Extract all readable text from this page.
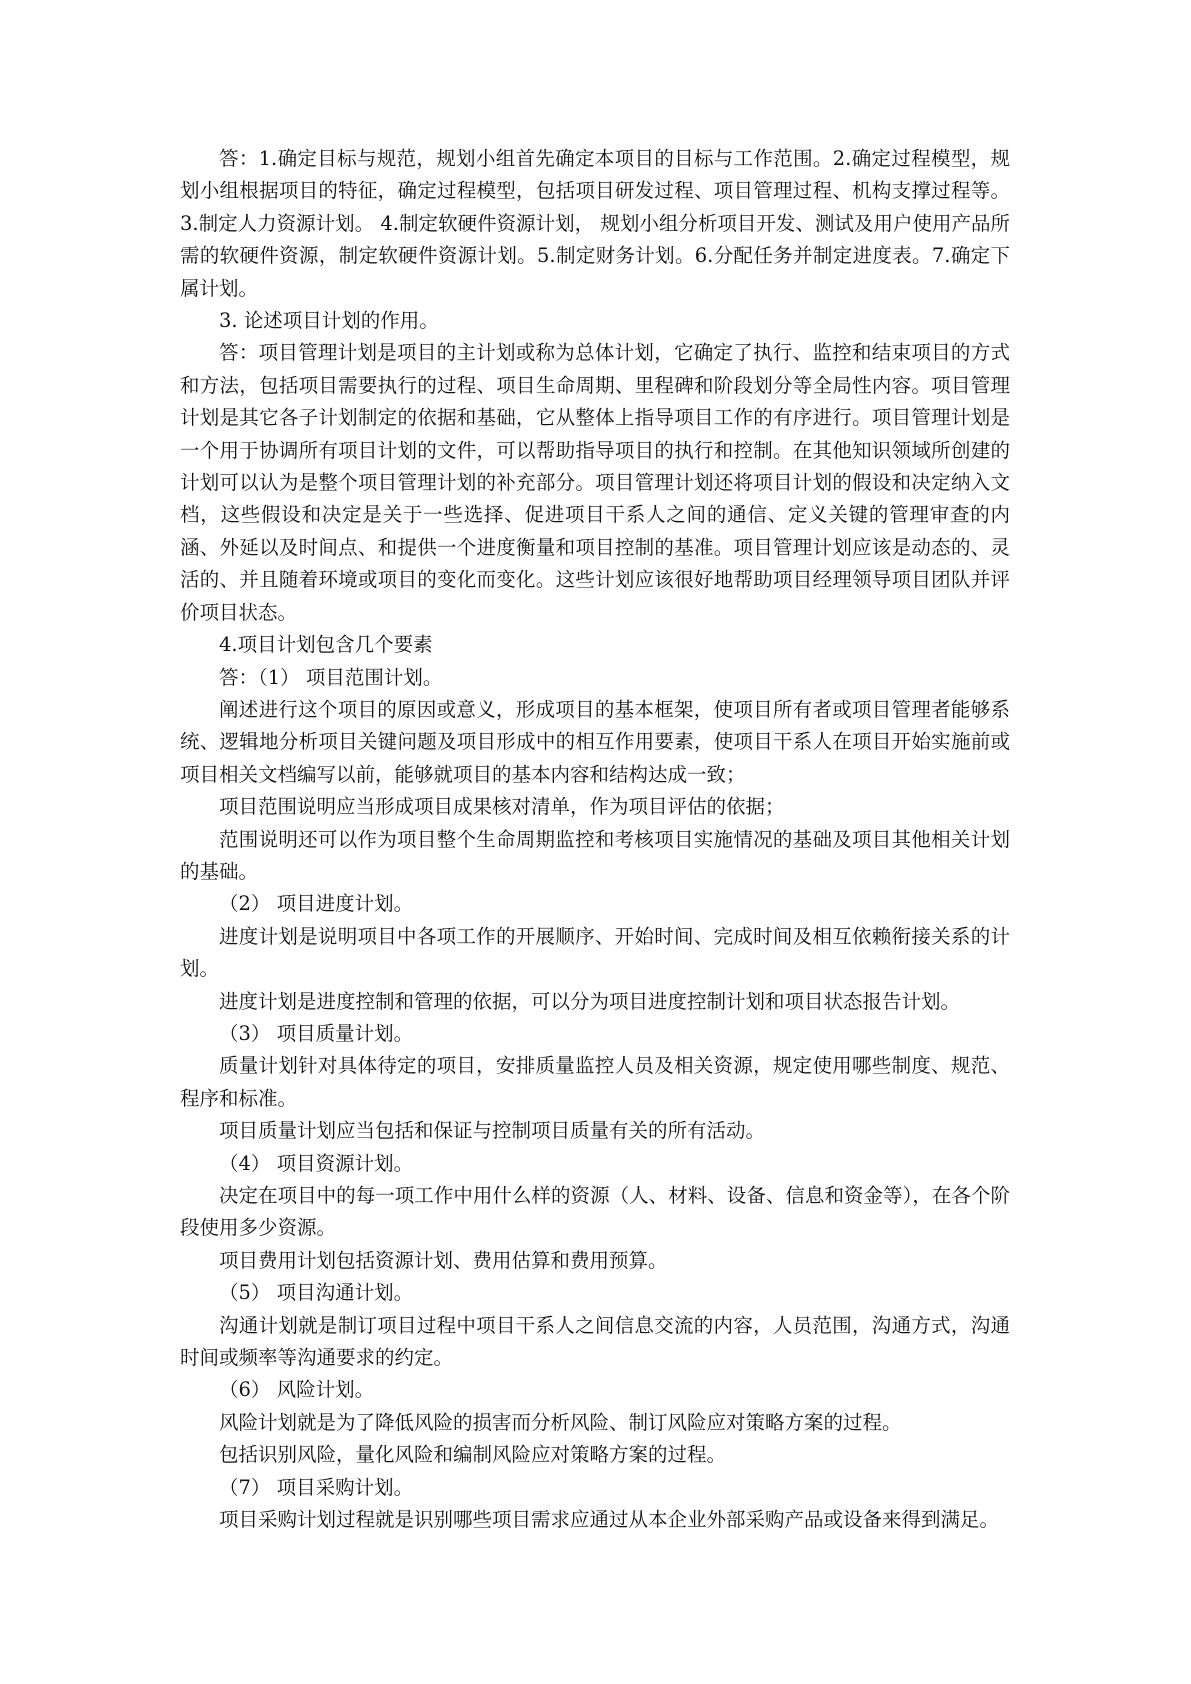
答：1.确定目标与规范，规划小组首先确定本项目的目标与工作范围。2.确定过程模型，规划小组根据项目的特征，确定过程模型，包括项目研发过程、项目管理过程、机构支撑过程等。3.制定人力资源计划。 4.制定软硬件资源计划， 规划小组分析项目开发、测试及用户使用产品所需的软硬件资源，制定软硬件资源计划。5.制定财务计划。6.分配任务并制定进度表。7.确定下属计划。

3. 论述项目计划的作用。

答：项目管理计划是项目的主计划或称为总体计划，它确定了执行、监控和结束项目的方式和方法，包括项目需要执行的过程、项目生命周期、里程碑和阶段划分等全局性内容。项目管理计划是其它各子计划制定的依据和基础，它从整体上指导项目工作的有序进行。项目管理计划是一个用于协调所有项目计划的文件，可以帮助指导项目的执行和控制。在其他知识领域所创建的计划可以认为是整个项目管理计划的补充部分。项目管理计划还将项目计划的假设和决定纳入文档，这些假设和决定是关于一些选择、促进项目干系人之间的通信、定义关键的管理审查的内涵、外延以及时间点、和提供一个进度衡量和项目控制的基准。项目管理计划应该是动态的、灵活的、并且随着环境或项目的变化而变化。这些计划应该很好地帮助项目经理领导项目团队并评价项目状态。

4.项目计划包含几个要素

答：（1） 项目范围计划。

阐述进行这个项目的原因或意义，形成项目的基本框架，使项目所有者或项目管理者能够系统、逻辑地分析项目关键问题及项目形成中的相互作用要素，使项目干系人在项目开始实施前或项目相关文档编写以前，能够就项目的基本内容和结构达成一致；

项目范围说明应当形成项目成果核对清单，作为项目评估的依据；

范围说明还可以作为项目整个生命周期监控和考核项目实施情况的基础及项目其他相关计划的基础。

（2） 项目进度计划。

进度计划是说明项目中各项工作的开展顺序、开始时间、完成时间及相互依赖衔接关系的计划。

进度计划是进度控制和管理的依据，可以分为项目进度控制计划和项目状态报告计划。

（3） 项目质量计划。

质量计划针对具体待定的项目，安排质量监控人员及相关资源，规定使用哪些制度、规范、程序和标准。

项目质量计划应当包括和保证与控制项目质量有关的所有活动。

（4） 项目资源计划。

决定在项目中的每一项工作中用什么样的资源（人、材料、设备、信息和资金等），在各个阶段使用多少资源。

项目费用计划包括资源计划、费用估算和费用预算。

（5） 项目沟通计划。

沟通计划就是制订项目过程中项目干系人之间信息交流的内容，人员范围，沟通方式，沟通时间或频率等沟通要求的约定。

（6） 风险计划。

风险计划就是为了降低风险的损害而分析风险、制订风险应对策略方案的过程。

包括识别风险，量化风险和编制风险应对策略方案的过程。

（7） 项目采购计划。

项目采购计划过程就是识别哪些项目需求应通过从本企业外部采购产品或设备来得到满足。
